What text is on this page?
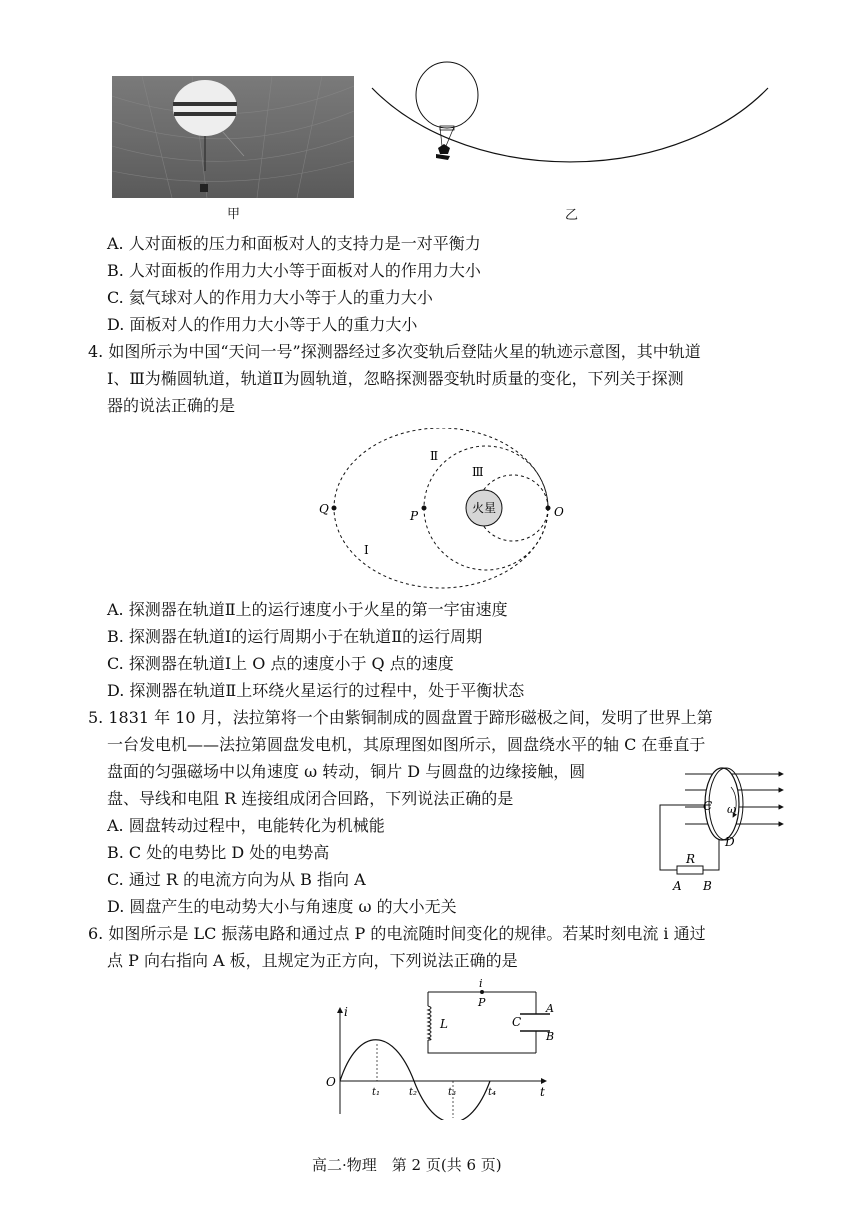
甲	乙
A. 人对面板的压力和面板对人的支持力是一对平衡力
B. 人对面板的作用力大小等于面板对人的作用力大小
C. 氦气球对人的作用力大小等于人的重力大小
D. 面板对人的作用力大小等于人的重力大小
4. 如图所示为中国“天问一号”探测器经过多次变轨后登陆火星的轨迹示意图，其中轨道
Ⅰ、Ⅲ为椭圆轨道，轨道Ⅱ为圆轨道，忽略探测器变轨时质量的变化，下列关于探测
器的说法正确的是
火星
Q	P	O
Ⅱ
Ⅲ
Ⅰ
A. 探测器在轨道Ⅱ上的运行速度小于火星的第一宇宙速度
B. 探测器在轨道Ⅰ的运行周期小于在轨道Ⅱ的运行周期
C. 探测器在轨道Ⅰ上 O 点的速度小于 Q 点的速度
D. 探测器在轨道Ⅱ上环绕火星运行的过程中，处于平衡状态
5. 1831 年 10 月，法拉第将一个由紫铜制成的圆盘置于蹄形磁极之间，发明了世界上第
一台发电机——法拉第圆盘发电机，其原理图如图所示，圆盘绕水平的轴 C 在垂直于
盘面的匀强磁场中以角速度 ω 转动，铜片 D 与圆盘的边缘接触，圆
盘、导线和电阻 R 连接组成闭合回路，下列说法正确的是
A. 圆盘转动过程中，电能转化为机械能
B. C 处的电势比 D 处的电势高
C. 通过 R 的电流方向为从 B 指向 A
D. 圆盘产生的电动势大小与角速度 ω 的大小无关
C ω
D
R
A B
6. 如图所示是 LC 振荡电路和通过点 P 的电流随时间变化的规律。若某时刻电流 i 通过
点 P 向右指向 A 板，且规定为正方向，下列说法正确的是
i
t
O
t₁	t₂	t₃	t₄
i
P
L	C
A
B
高二·物理　第 2 页(共 6 页)
